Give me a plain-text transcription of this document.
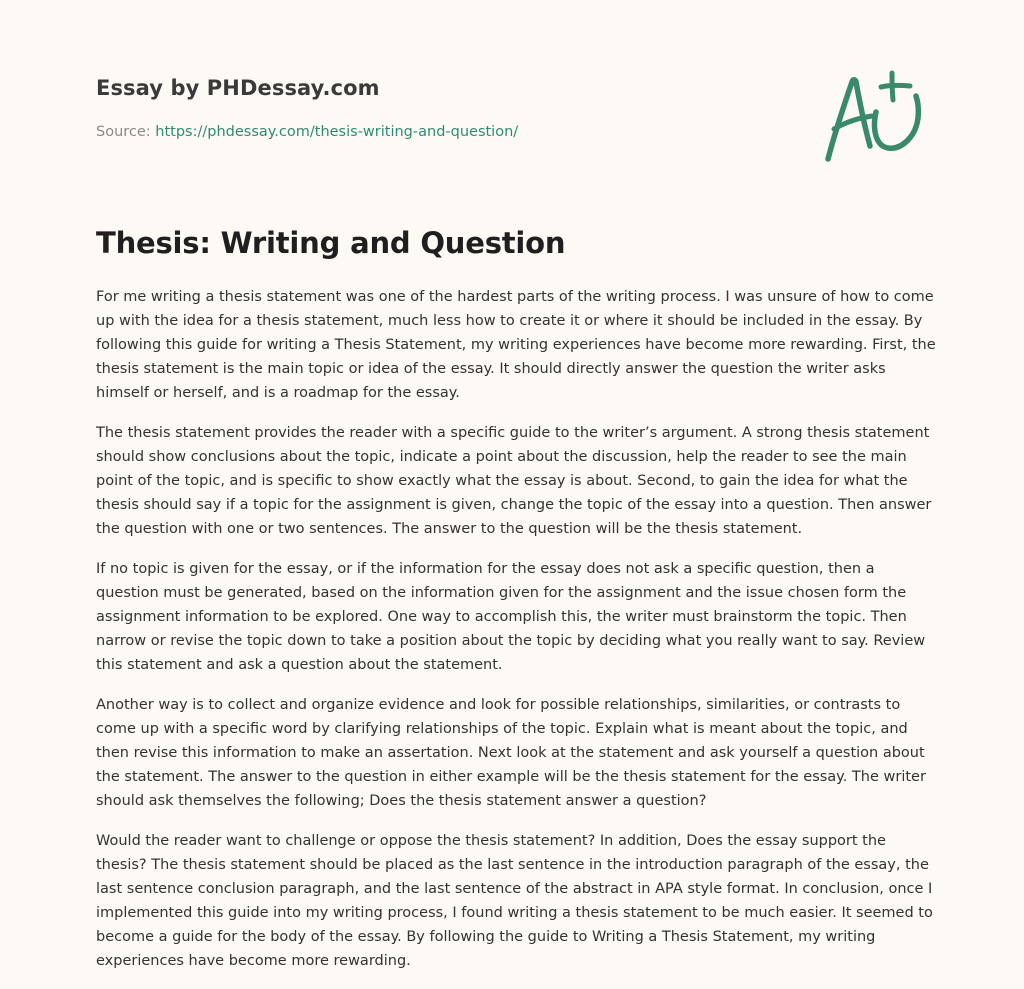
Essay by PHDessay.com

Source: https://phdessay.com/thesis-writing-and-question/

Thesis: Writing and Question

For me writing a thesis statement was one of the hardest parts of the writing process. I was unsure of how to come up with the idea for a thesis statement, much less how to create it or where it should be included in the essay. By following this guide for writing a Thesis Statement, my writing experiences have become more rewarding. First, the thesis statement is the main topic or idea of the essay. It should directly answer the question the writer asks himself or herself, and is a roadmap for the essay.

The thesis statement provides the reader with a specific guide to the writer’s argument. A strong thesis statement should show conclusions about the topic, indicate a point about the discussion, help the reader to see the main point of the topic, and is specific to show exactly what the essay is about. Second, to gain the idea for what the thesis should say if a topic for the assignment is given, change the topic of the essay into a question. Then answer the question with one or two sentences. The answer to the question will be the thesis statement.

If no topic is given for the essay, or if the information for the essay does not ask a specific question, then a question must be generated, based on the information given for the assignment and the issue chosen form the assignment information to be explored. One way to accomplish this, the writer must brainstorm the topic. Then narrow or revise the topic down to take a position about the topic by deciding what you really want to say. Review this statement and ask a question about the statement.

Another way is to collect and organize evidence and look for possible relationships, similarities, or contrasts to come up with a specific word by clarifying relationships of the topic. Explain what is meant about the topic, and then revise this information to make an assertation. Next look at the statement and ask yourself a question about the statement. The answer to the question in either example will be the thesis statement for the essay. The writer should ask themselves the following; Does the thesis statement answer a question?

Would the reader want to challenge or oppose the thesis statement? In addition, Does the essay support the thesis? The thesis statement should be placed as the last sentence in the introduction paragraph of the essay, the last sentence conclusion paragraph, and the last sentence of the abstract in APA style format. In conclusion, once I implemented this guide into my writing process, I found writing a thesis statement to be much easier. It seemed to become a guide for the body of the essay. By following the guide to Writing a Thesis Statement, my writing experiences have become more rewarding.
